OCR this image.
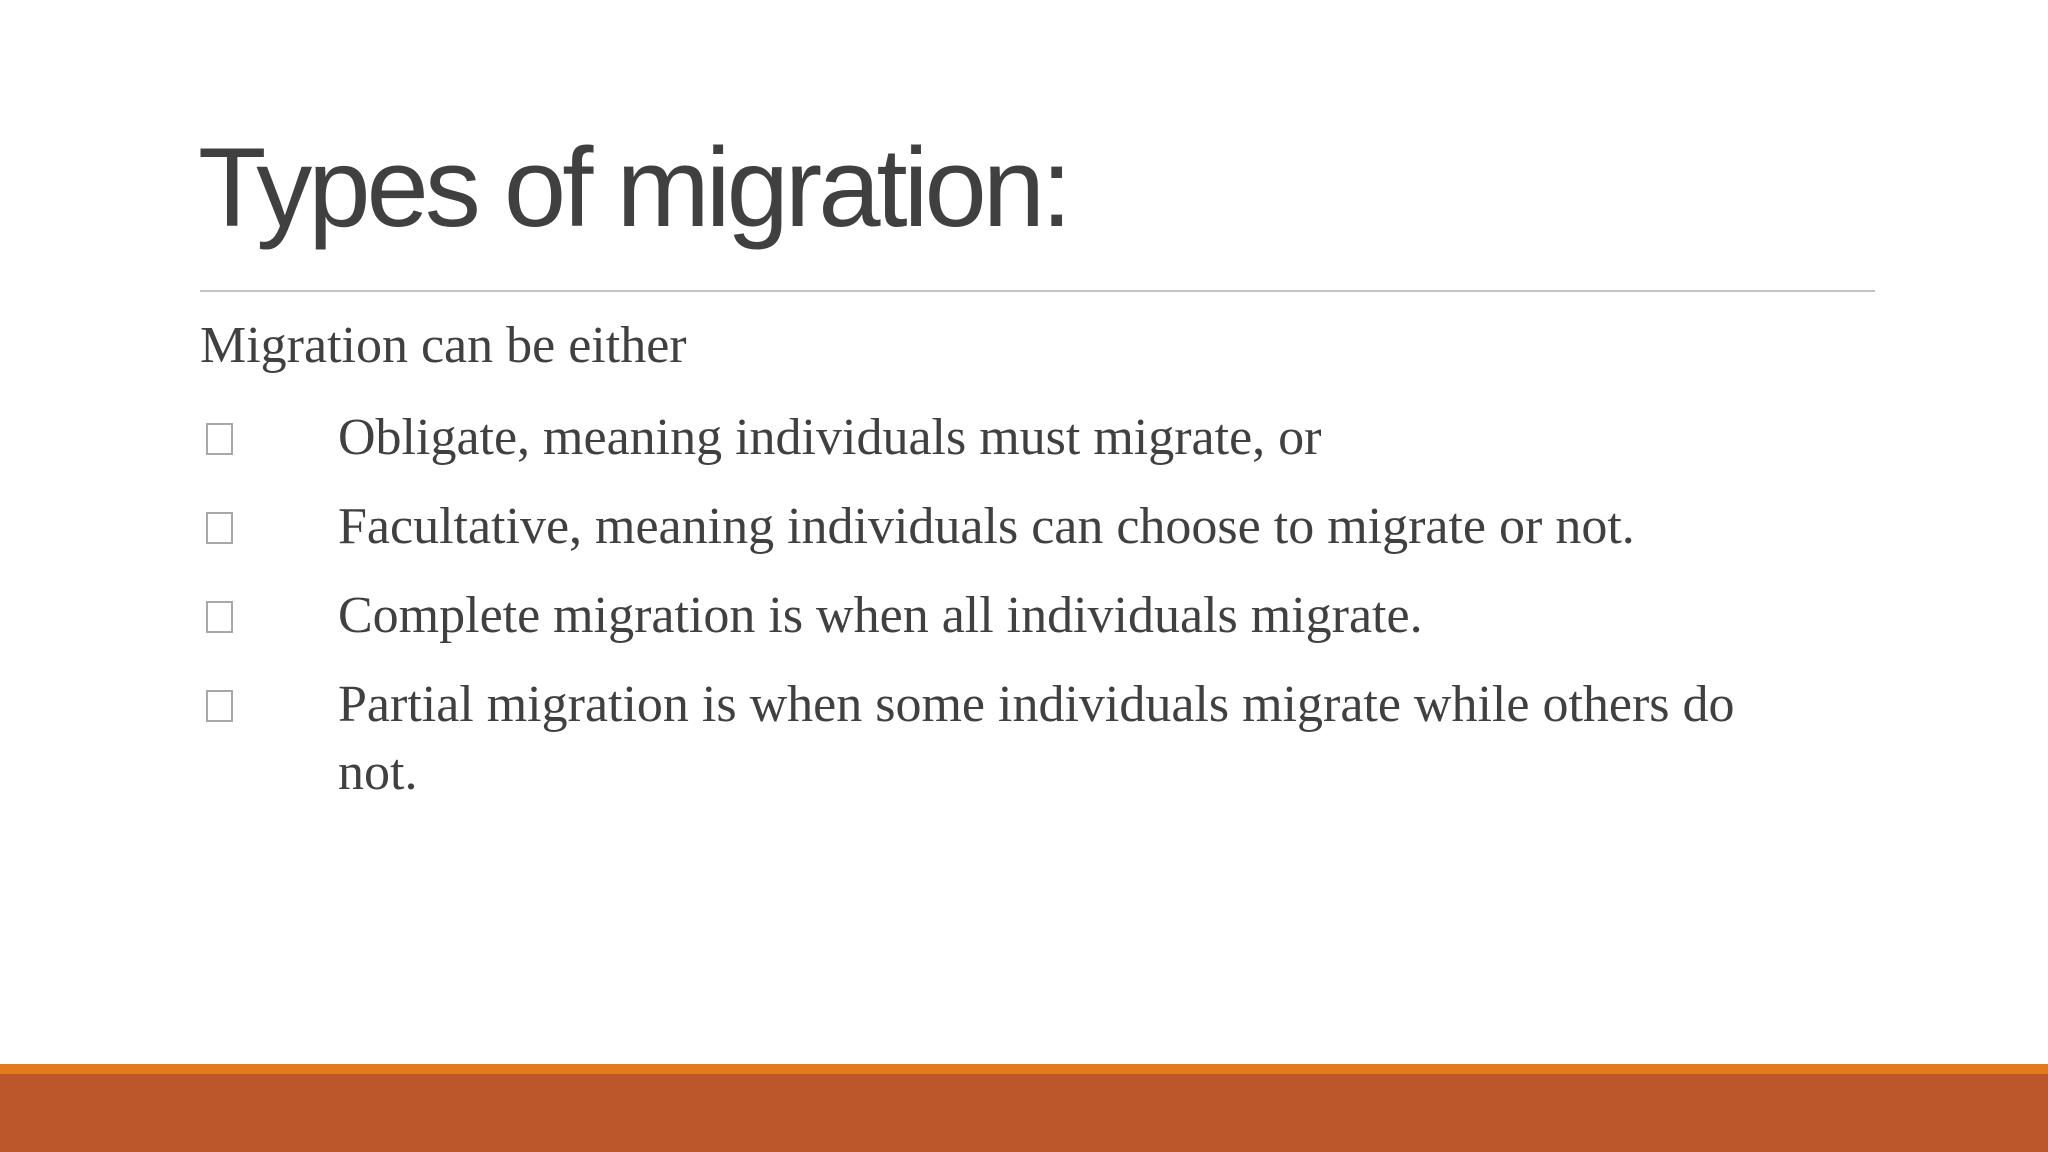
Types of migration:

Migration can be either

Obligate, meaning individuals must migrate, or
Facultative, meaning individuals can choose to migrate or not.
Complete migration is when all individuals migrate.
Partial migration is when some individuals migrate while others do not.
